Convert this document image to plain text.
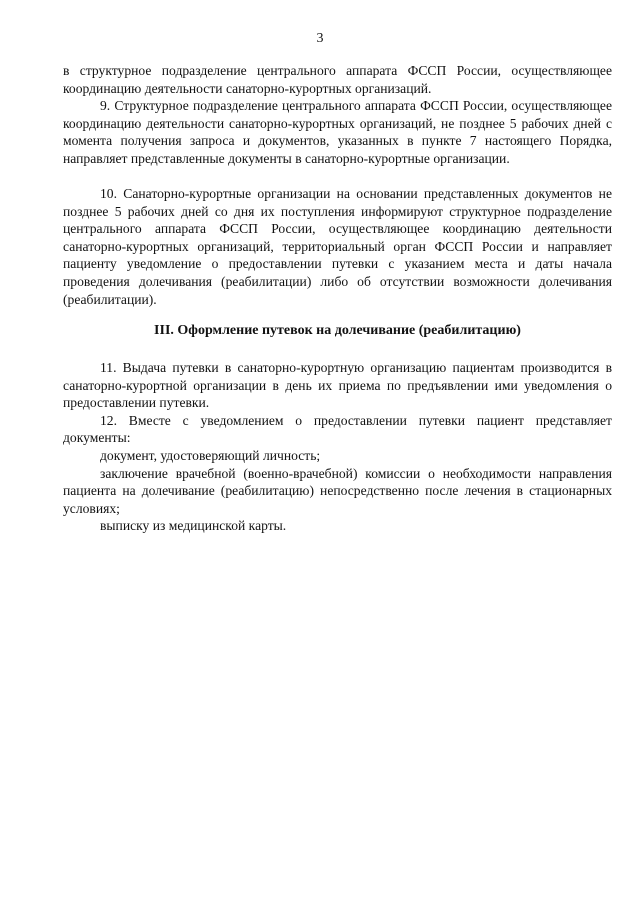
3

в структурное подразделение центрального аппарата ФССП России, осуществляющее координацию деятельности санаторно-курортных организаций.

9. Структурное подразделение центрального аппарата ФССП России, осуществляющее координацию деятельности санаторно-курортных организаций, не позднее 5 рабочих дней с момента получения запроса и документов, указанных в пункте 7 настоящего Порядка, направляет представленные документы в санаторно-курортные организации.

10. Санаторно-курортные организации на основании представленных документов не позднее 5 рабочих дней со дня их поступления информируют структурное подразделение центрального аппарата ФССП России, осуществляющее координацию деятельности санаторно-курортных организаций, территориальный орган ФССП России и направляет пациенту уведомление о предоставлении путевки с указанием места и даты начала проведения долечивания (реабилитации) либо об отсутствии возможности долечивания (реабилитации).

III. Оформление путевок на долечивание (реабилитацию)

11. Выдача путевки в санаторно-курортную организацию пациентам производится в санаторно-курортной организации в день их приема по предъявлении ими уведомления о предоставлении путевки.

12. Вместе с уведомлением о предоставлении путевки пациент представляет документы:

документ, удостоверяющий личность;

заключение врачебной (военно-врачебной) комиссии о необходимости направления пациента на долечивание (реабилитацию) непосредственно после лечения в стационарных условиях;

выписку из медицинской карты.
